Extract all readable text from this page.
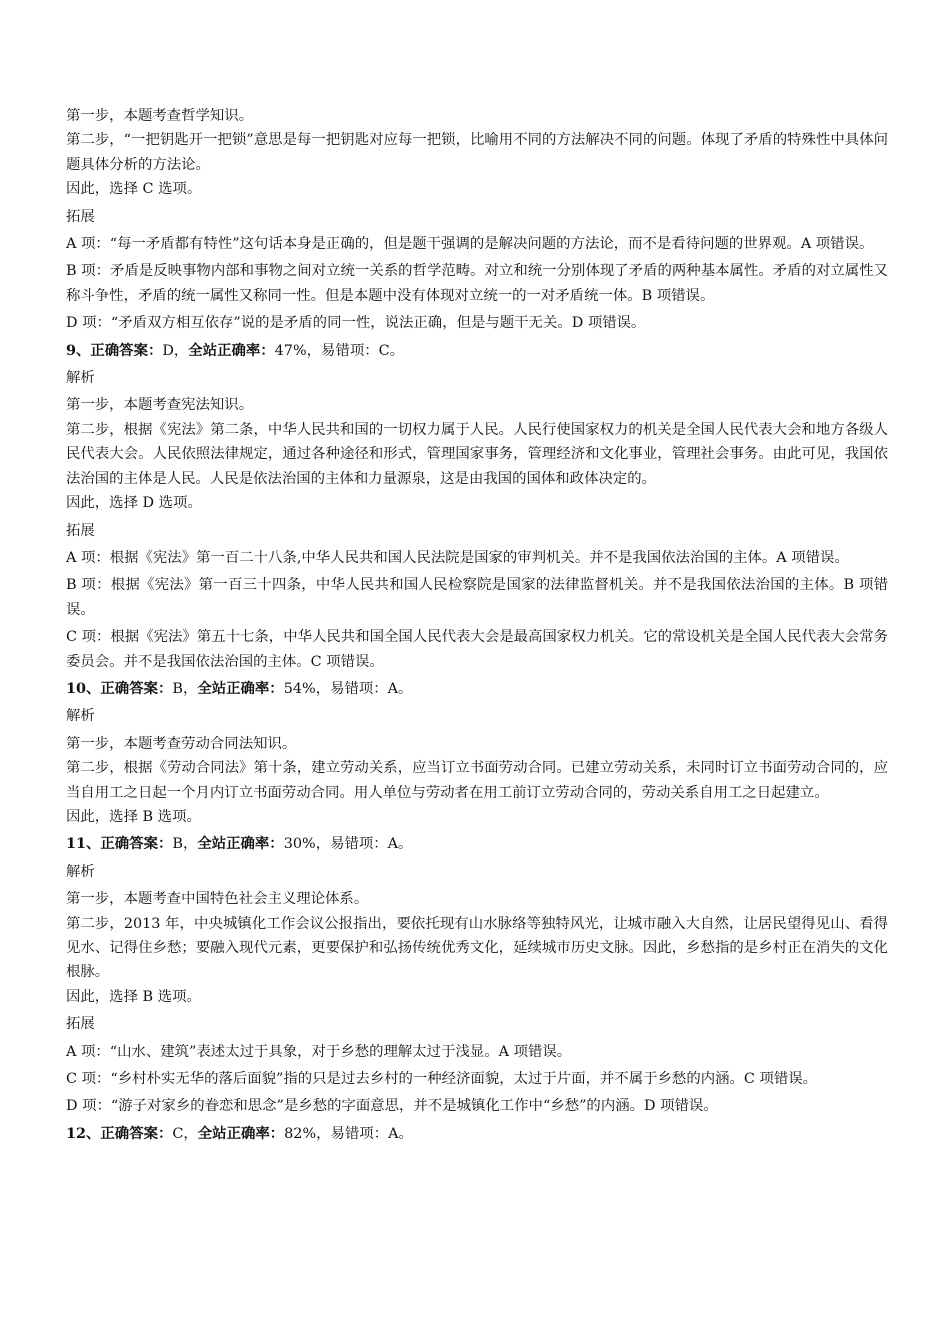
第一步，本题考查哲学知识。

第二步，“一把钥匙开一把锁”意思是每一把钥匙对应每一把锁，比喻用不同的方法解决不同的问题。体现了矛盾的特殊性中具体问题具体分析的方法论。

因此，选择 C 选项。

拓展

A 项：“每一矛盾都有特性”这句话本身是正确的，但是题干强调的是解决问题的方法论，而不是看待问题的世界观。A 项错误。

B 项：矛盾是反映事物内部和事物之间对立统一关系的哲学范畴。对立和统一分别体现了矛盾的两种基本属性。矛盾的对立属性又称斗争性，矛盾的统一属性又称同一性。但是本题中没有体现对立统一的一对矛盾统一体。B 项错误。

D 项：“矛盾双方相互依存”说的是矛盾的同一性，说法正确，但是与题干无关。D 项错误。

9、正确答案：D，全站正确率：47%，易错项：C。

解析

第一步，本题考查宪法知识。

第二步，根据《宪法》第二条，中华人民共和国的一切权力属于人民。人民行使国家权力的机关是全国人民代表大会和地方各级人民代表大会。人民依照法律规定，通过各种途径和形式，管理国家事务，管理经济和文化事业，管理社会事务。由此可见，我国依法治国的主体是人民。人民是依法治国的主体和力量源泉，这是由我国的国体和政体决定的。

因此，选择 D 选项。

拓展

A 项：根据《宪法》第一百二十八条,中华人民共和国人民法院是国家的审判机关。并不是我国依法治国的主体。A 项错误。

B 项：根据《宪法》第一百三十四条，中华人民共和国人民检察院是国家的法律监督机关。并不是我国依法治国的主体。B 项错误。

C 项：根据《宪法》第五十七条，中华人民共和国全国人民代表大会是最高国家权力机关。它的常设机关是全国人民代表大会常务委员会。并不是我国依法治国的主体。C 项错误。

10、正确答案：B，全站正确率：54%，易错项：A。

解析

第一步，本题考查劳动合同法知识。

第二步，根据《劳动合同法》第十条，建立劳动关系，应当订立书面劳动合同。已建立劳动关系，未同时订立书面劳动合同的，应当自用工之日起一个月内订立书面劳动合同。用人单位与劳动者在用工前订立劳动合同的，劳动关系自用工之日起建立。

因此，选择 B 选项。

11、正确答案：B，全站正确率：30%，易错项：A。

解析

第一步，本题考查中国特色社会主义理论体系。

第二步，2013 年，中央城镇化工作会议公报指出，要依托现有山水脉络等独特风光，让城市融入大自然，让居民望得见山、看得见水、记得住乡愁；要融入现代元素，更要保护和弘扬传统优秀文化，延续城市历史文脉。因此，乡愁指的是乡村正在消失的文化根脉。

因此，选择 B 选项。

拓展

A 项：“山水、建筑”表述太过于具象，对于乡愁的理解太过于浅显。A 项错误。

C 项：“乡村朴实无华的落后面貌”指的只是过去乡村的一种经济面貌，太过于片面，并不属于乡愁的内涵。C 项错误。

D 项：“游子对家乡的眷恋和思念”是乡愁的字面意思，并不是城镇化工作中“乡愁”的内涵。D 项错误。

12、正确答案：C，全站正确率：82%，易错项：A。
